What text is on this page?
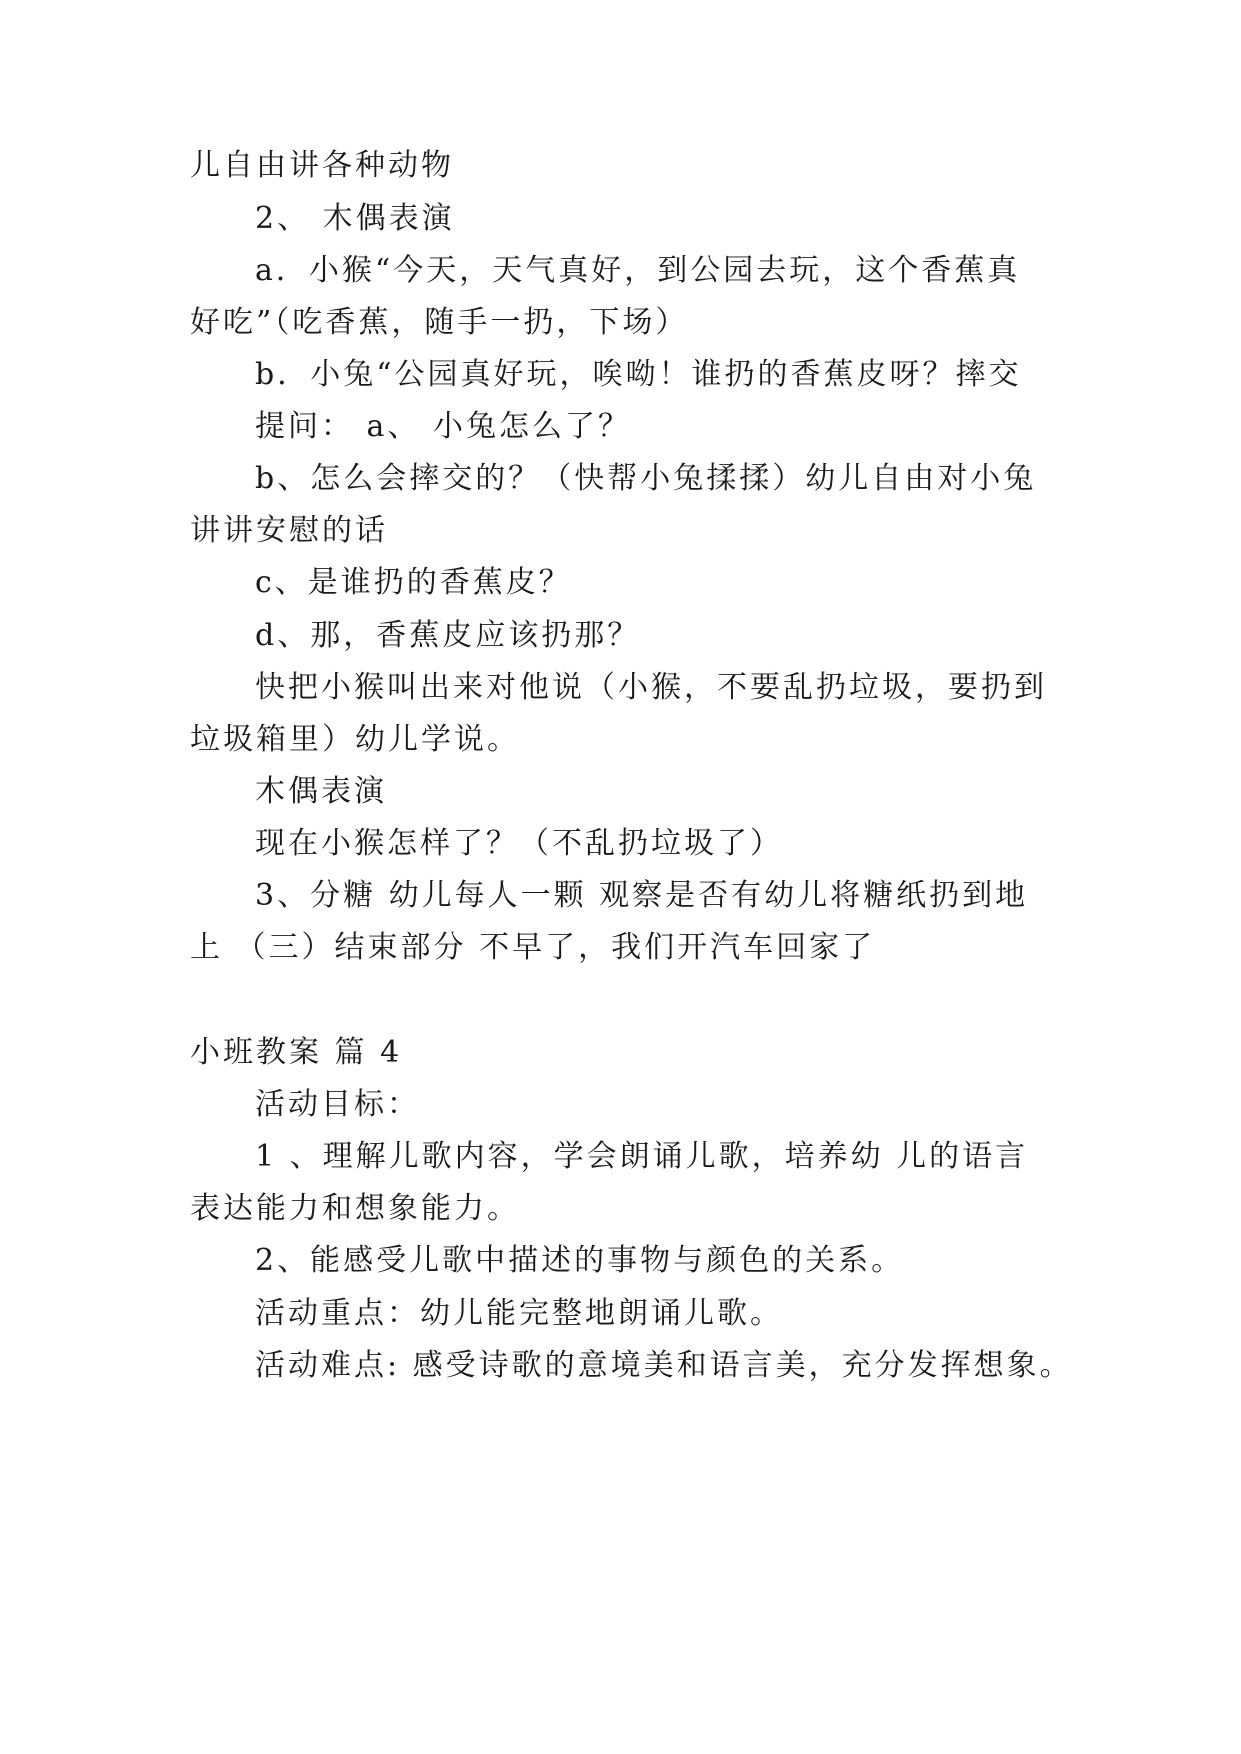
儿自由讲各种动物
2、 木偶表演
a．小猴“今天，天气真好，到公园去玩，这个香蕉真
好吃”（吃香蕉，随手一扔，下场）
b．小兔“公园真好玩，唉呦！谁扔的香蕉皮呀？摔交
提问： a、 小兔怎么了？
b、怎么会摔交的？（快帮小兔揉揉）幼儿自由对小兔
讲讲安慰的话
c、是谁扔的香蕉皮？
d、那，香蕉皮应该扔那？
快把小猴叫出来对他说（小猴，不要乱扔垃圾，要扔到
垃圾箱里）幼儿学说。
木偶表演
现在小猴怎样了？（不乱扔垃圾了）
3、分糖 幼儿每人一颗 观察是否有幼儿将糖纸扔到地
上 （三）结束部分 不早了，我们开汽车回家了
小班教案 篇 4
活动目标：
1 、理解儿歌内容，学会朗诵儿歌，培养幼 儿的语言
表达能力和想象能力。
2、能感受儿歌中描述的事物与颜色的关系。
活动重点：幼儿能完整地朗诵儿歌。
活动难点: 感受诗歌的意境美和语言美，充分发挥想象。
